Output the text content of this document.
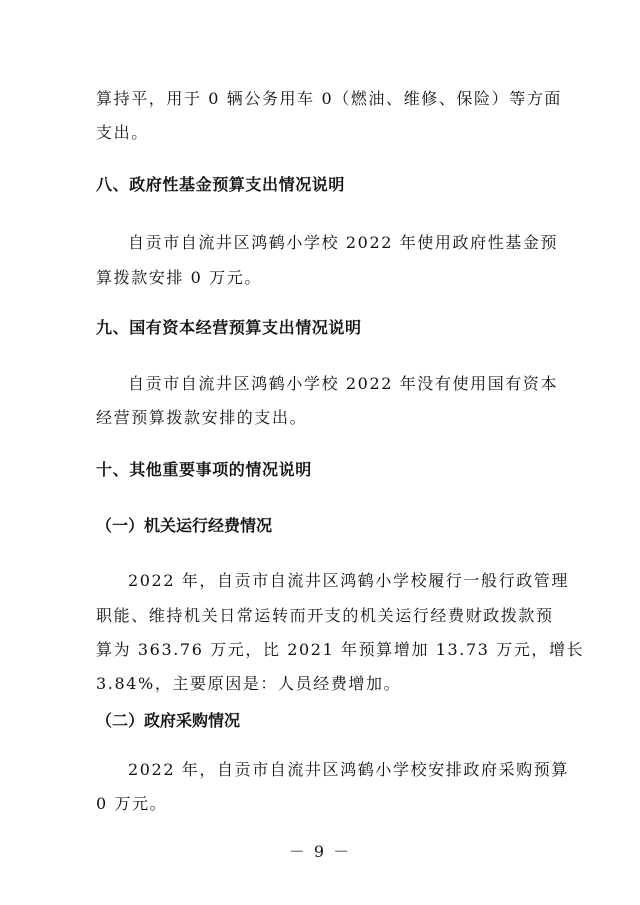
算持平，用于 0 辆公务用车 0（燃油、维修、保险）等方面
支出。
八、政府性基金预算支出情况说明
自贡市自流井区鸿鹤小学校 2022 年使用政府性基金预
算拨款安排 0 万元。
九、国有资本经营预算支出情况说明
自贡市自流井区鸿鹤小学校 2022 年没有使用国有资本
经营预算拨款安排的支出。
十、其他重要事项的情况说明
（一）机关运行经费情况
2022 年，自贡市自流井区鸿鹤小学校履行一般行政管理
职能、维持机关日常运转而开支的机关运行经费财政拨款预
算为 363.76 万元，比 2021 年预算增加 13.73 万元，增长
3.84%，主要原因是：人员经费增加。
（二）政府采购情况
2022 年，自贡市自流井区鸿鹤小学校安排政府采购预算
0 万元。
－ 9 －
